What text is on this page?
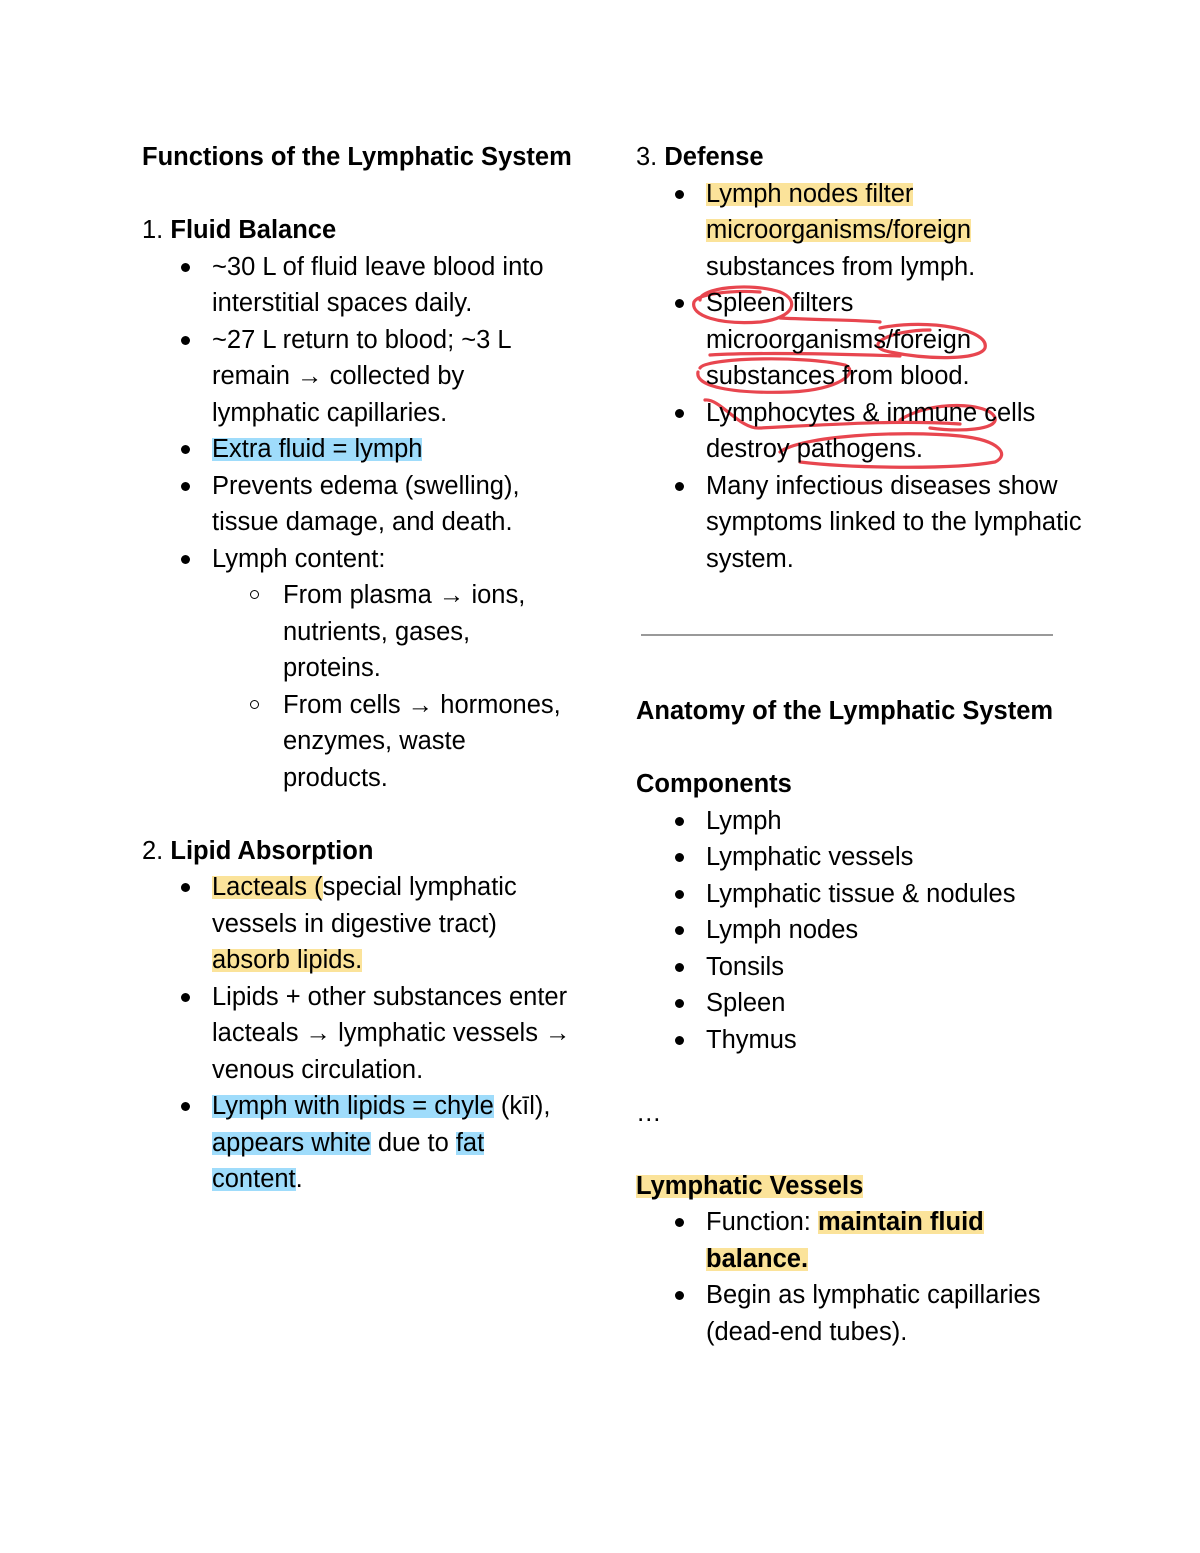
Functions of the Lymphatic System

1. Fluid Balance

~30 L of fluid leave blood into interstitial spaces daily.
~27 L return to blood; ~3 L remain → collected by lymphatic capillaries.
Extra fluid = lymph
Prevents edema (swelling), tissue damage, and death.
Lymph content:
From plasma → ions, nutrients, gases, proteins.
From cells → hormones, enzymes, waste products.

2. Lipid Absorption

Lacteals (special lymphatic vessels in digestive tract) absorb lipids.
Lipids + other substances enter lacteals → lymphatic vessels → venous circulation.
Lymph with lipids = chyle (kīl), appears white due to fat content.

3. Defense

Lymph nodes filter microorganisms/foreign substances from lymph.
Spleen filters microorganisms/foreign substances from blood.
Lymphocytes & immune cells destroy pathogens.
Many infectious diseases show symptoms linked to the lymphatic system.

Anatomy of the Lymphatic System

Components

Lymph
Lymphatic vessels
Lymphatic tissue & nodules
Lymph nodes
Tonsils
Spleen
Thymus

…

Lymphatic Vessels

Function: maintain fluid balance.
Begin as lymphatic capillaries (dead-end tubes).
